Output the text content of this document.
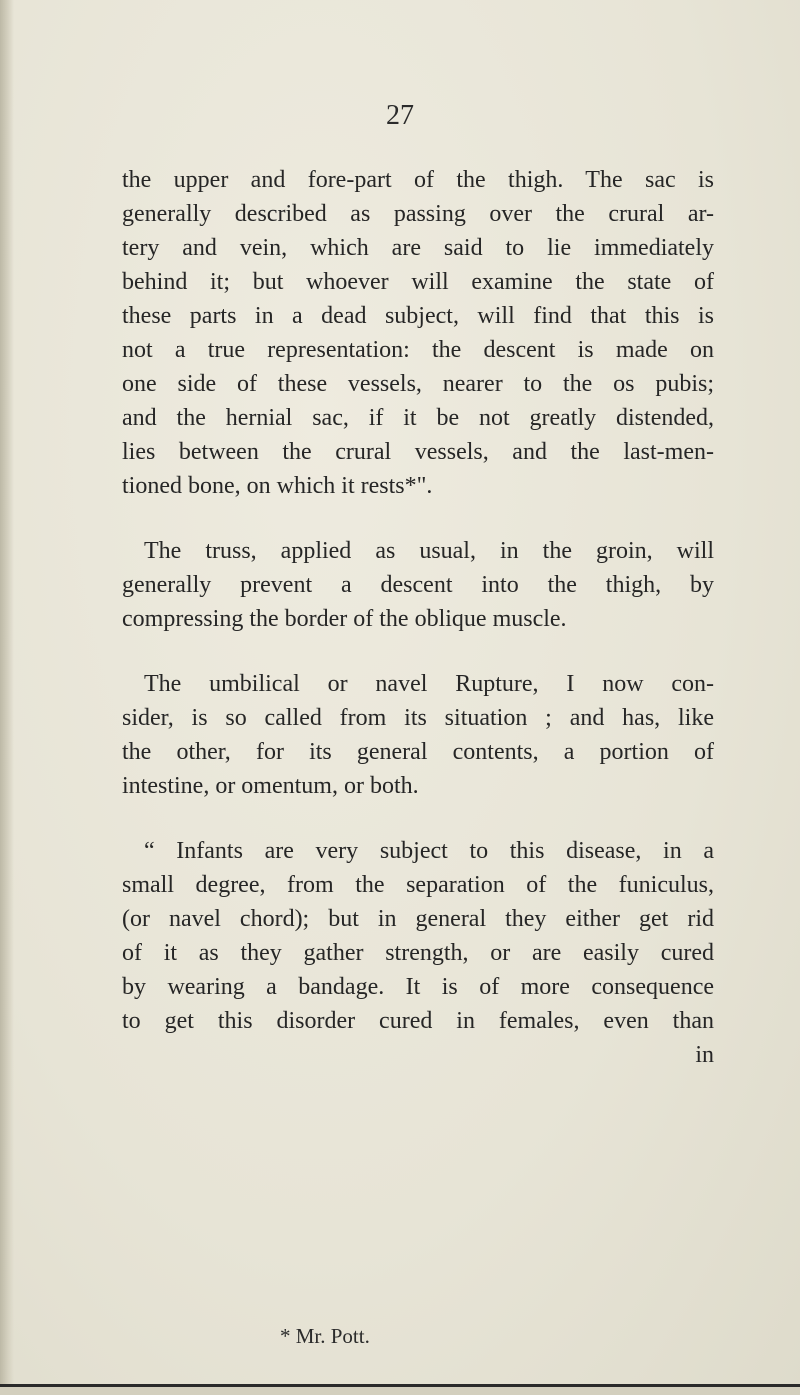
27
the upper and fore-part of the thigh. The sac is
generally described as passing over the crural ar-
tery and vein, which are said to lie immediately
behind it; but whoever will examine the state of
these parts in a dead subject, will find that this is
not a true representation: the descent is made on
one side of these vessels, nearer to the os pubis;
and the hernial sac, if it be not greatly distended,
lies between the crural vessels, and the last-men-
tioned bone, on which it rests*".
The truss, applied as usual, in the groin, will
generally prevent a descent into the thigh, by
compressing the border of the oblique muscle.
The umbilical or navel Rupture, I now con-
sider, is so called from its situation ; and has, like
the other, for its general contents, a portion of
intestine, or omentum, or both.
“ Infants are very subject to this disease, in a
small degree, from the separation of the funiculus,
(or navel chord); but in general they either get rid
of it as they gather strength, or are easily cured
by wearing a bandage. It is of more consequence
to get this disorder cured in females, even than
in
* Mr. Pott.
